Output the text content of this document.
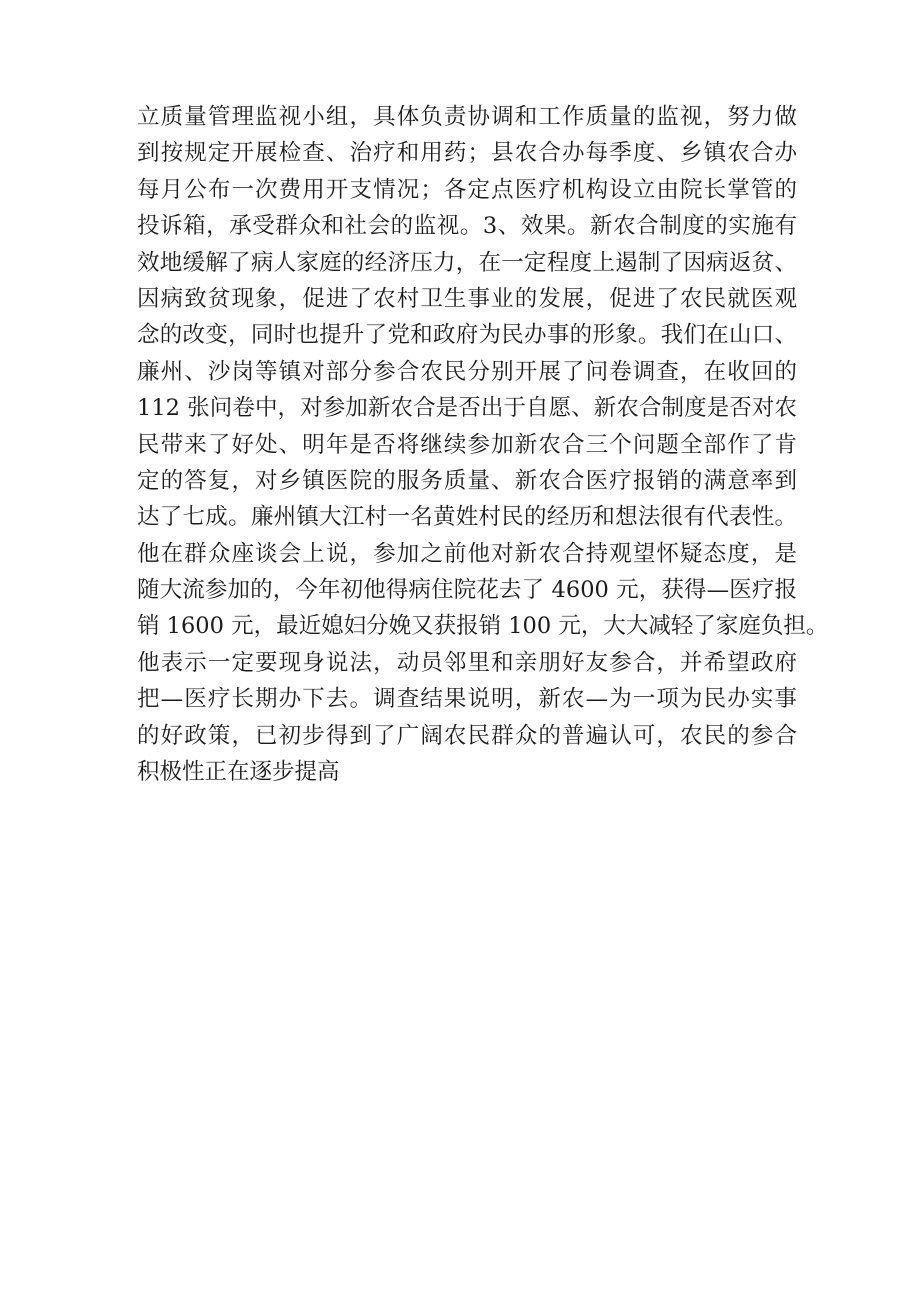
立质量管理监视小组，具体负责协调和工作质量的监视，努力做
到按规定开展检查、治疗和用药；县农合办每季度、乡镇农合办
每月公布一次费用开支情况；各定点医疗机构设立由院长掌管的
投诉箱，承受群众和社会的监视。3、效果。新农合制度的实施有
效地缓解了病人家庭的经济压力，在一定程度上遏制了因病返贫、
因病致贫现象，促进了农村卫生事业的发展，促进了农民就医观
念的改变，同时也提升了党和政府为民办事的形象。我们在山口、
廉州、沙岗等镇对部分参合农民分别开展了问卷调查，在收回的
112 张问卷中，对参加新农合是否出于自愿、新农合制度是否对农
民带来了好处、明年是否将继续参加新农合三个问题全部作了肯
定的答复，对乡镇医院的服务质量、新农合医疗报销的满意率到
达了七成。廉州镇大江村一名黄姓村民的经历和想法很有代表性。
他在群众座谈会上说，参加之前他对新农合持观望怀疑态度，是
随大流参加的，今年初他得病住院花去了 4600 元，获得—医疗报
销 1600 元，最近媳妇分娩又获报销 100 元，大大减轻了家庭负担。
他表示一定要现身说法，动员邻里和亲朋好友参合，并希望政府
把—医疗长期办下去。调查结果说明，新农—为一项为民办实事
的好政策，已初步得到了广阔农民群众的普遍认可，农民的参合
积极性正在逐步提高
